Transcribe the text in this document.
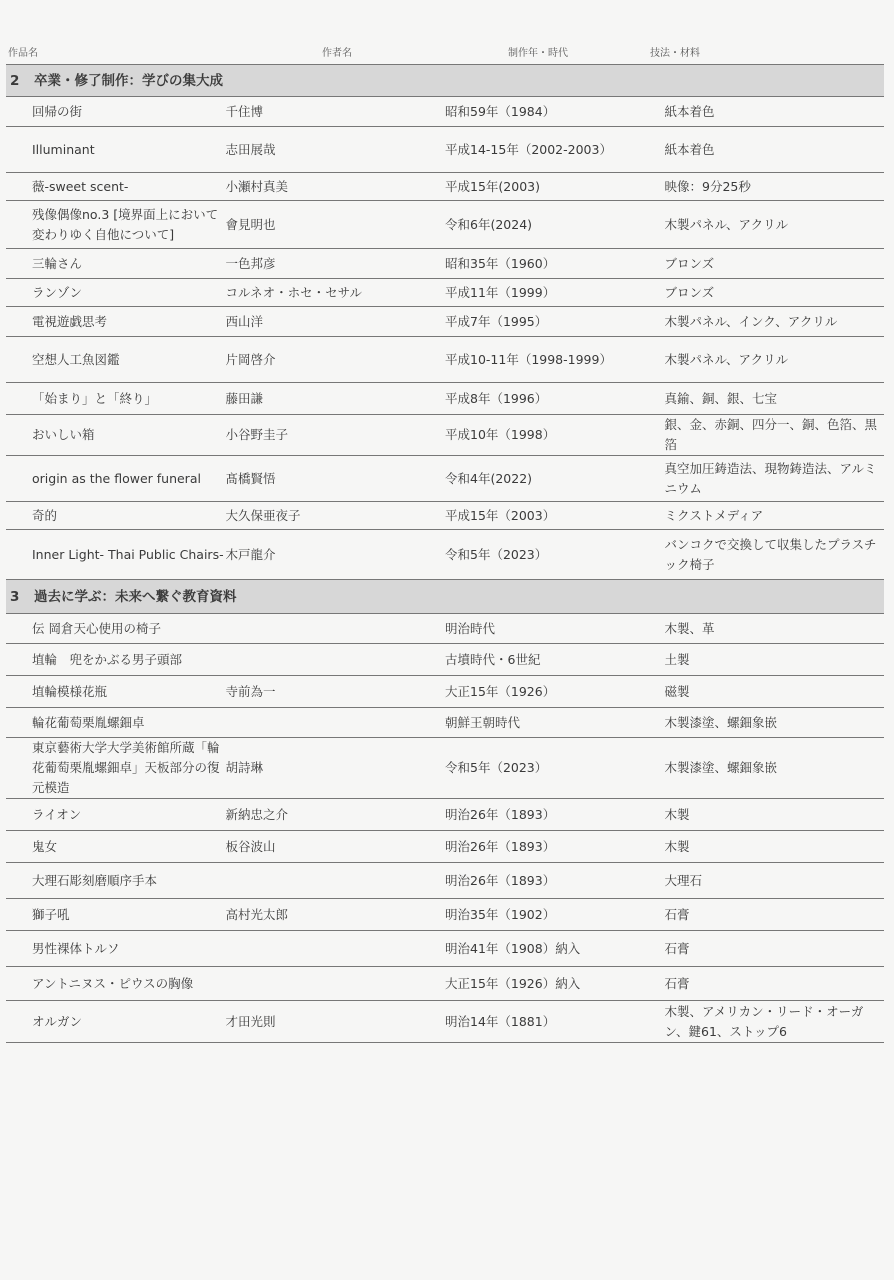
作品名	作者名	制作年・時代	技法・材料
2 卒業・修了制作：学びの集大成			
回帰の街	千住博	昭和59年（1984）	紙本着色
Illuminant	志田展哉	平成14-15年（2002-2003）	紙本着色
薇-sweet scent-	小瀬村真美	平成15年(2003)	映像：9分25秒
残像偶像no.3 [境界面上において変わりゆく自他について]	會見明也	令和6年(2024)	木製パネル、アクリル
三輪さん	一色邦彦	昭和35年（1960）	ブロンズ
ランゾン	コルネオ・ホセ・セサル	平成11年（1999）	ブロンズ
電視遊戯思考	西山洋	平成7年（1995）	木製パネル、インク、アクリル
空想人工魚図鑑	片岡啓介	平成10-11年（1998-1999）	木製パネル、アクリル
「始まり」と「終り」	藤田謙	平成8年（1996）	真鍮、銅、銀、七宝
おいしい箱	小谷野圭子	平成10年（1998）	銀、金、赤銅、四分一、銅、色箔、黒箔
origin as the flower funeral	髙橋賢悟	令和4年(2022)	真空加圧鋳造法、現物鋳造法、アルミニウム
奇的	大久保亜夜子	平成15年（2003）	ミクストメディア
Inner Light- Thai Public Chairs-	木戸龍介	令和5年（2023）	バンコクで交換して収集したプラスチック椅子
3 過去に学ぶ：未来へ繋ぐ教育資料			
伝 岡倉天心使用の椅子		明治時代	木製、革
埴輪　兜をかぶる男子頭部		古墳時代・6世紀	土製
埴輪模様花瓶	寺前為一	大正15年（1926）	磁製
輪花葡萄栗胤螺鈿卓		朝鮮王朝時代	木製漆塗、螺鈿象嵌
東京藝術大学大学美術館所蔵「輪花葡萄栗胤螺鈿卓」天板部分の復元模造	胡詩琳	令和5年（2023）	木製漆塗、螺鈿象嵌
ライオン	新納忠之介	明治26年（1893）	木製
鬼女	板谷波山	明治26年（1893）	木製
大理石彫刻磨順序手本		明治26年（1893）	大理石
獅子吼	高村光太郎	明治35年（1902）	石膏
男性裸体トルソ		明治41年（1908）納入	石膏
アントニヌス・ピウスの胸像		大正15年（1926）納入	石膏
オルガン	才田光則	明治14年（1881）	木製、アメリカン・リード・オーガン、鍵61、ストップ6
